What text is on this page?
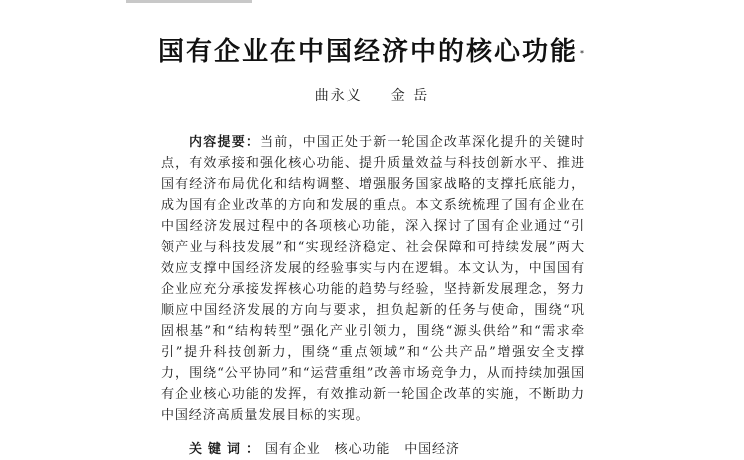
国有企业在中国经济中的核心功能 *
曲永义 金 岳

内容提要：当前，中国正处于新一轮国企改革深化提升的关键时点，有效承接和强化核心功能、提升质量效益与科技创新水平、推进国有经济布局优化和结构调整、增强服务国家战略的支撑托底能力，成为国有企业改革的方向和发展的重点。本文系统梳理了国有企业在中国经济发展过程中的各项核心功能，深入探讨了国有企业通过“引领产业与科技发展”和“实现经济稳定、社会保障和可持续发展”两大效应支撑中国经济发展的经验事实与内在逻辑。本文认为，中国国有企业应充分承接发挥核心功能的趋势与经验，坚持新发展理念，努力顺应中国经济发展的方向与要求，担负起新的任务与使命，围绕“巩固根基”和“结构转型”强化产业引领力，围绕“源头供给”和“需求牵引”提升科技创新力，围绕“重点领域”和“公共产品”增强安全支撑力，围绕“公平协同”和“运营重组”改善市场竞争力，从而持续加强国有企业核心功能的发挥，有效推动新一轮国企改革的实施，不断助力中国经济高质量发展目标的实现。

关键词：国有企业 核心功能 中国经济
